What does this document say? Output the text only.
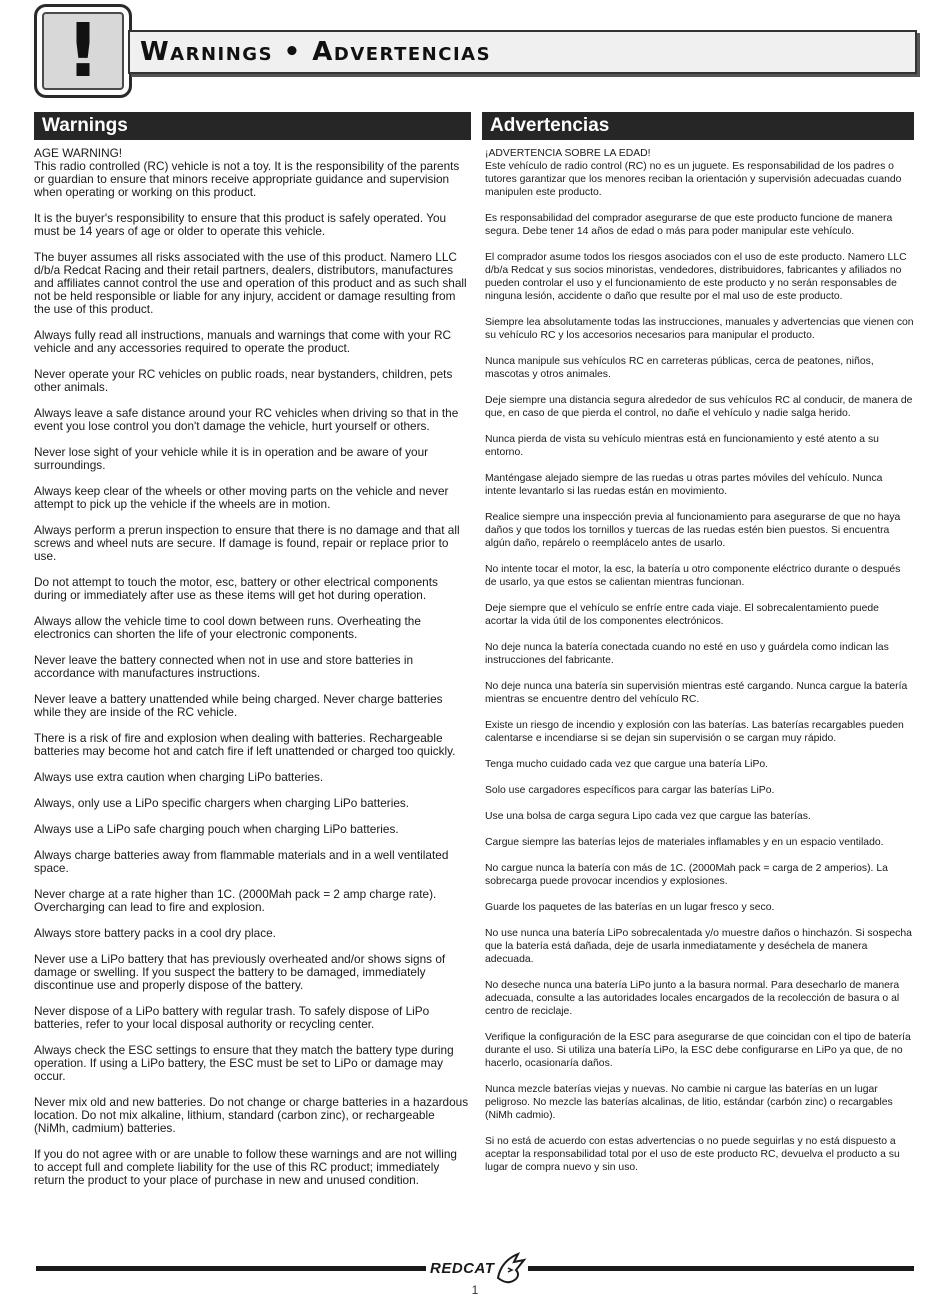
!	Warnings • Advertencias
Warnings	Advertencias

AGE WARNING!
This radio controlled (RC) vehicle is not a toy. It is the responsibility of the parents or guardian to ensure that minors receive appropriate guidance and supervision when operating or working on this product.

It is the buyer's responsibility to ensure that this product is safely operated. You must be 14 years of age or older to operate this vehicle.

The buyer assumes all risks associated with the use of this product. Namero LLC d/b/a Redcat Racing and their retail partners, dealers, distributors, manufactures and affiliates cannot control the use and operation of this product and as such shall not be held responsible or liable for any injury, accident or damage resulting from the use of this product.

Always fully read all instructions, manuals and warnings that come with your RC vehicle and any accessories required to operate the product.

Never operate your RC vehicles on public roads, near bystanders, children, pets other animals.

Always leave a safe distance around your RC vehicles when driving so that in the event you lose control you don't damage the vehicle, hurt yourself or others.

Never lose sight of your vehicle while it is in operation and be aware of your surroundings.

Always keep clear of the wheels or other moving parts on the vehicle and never attempt to pick up the vehicle if the wheels are in motion.

Always perform a prerun inspection to ensure that there is no damage and that all screws and wheel nuts are secure. If damage is found, repair or replace prior to use.

Do not attempt to touch the motor, esc, battery or other electrical components during or immediately after use as these items will get hot during operation.

Always allow the vehicle time to cool down between runs. Overheating the electronics can shorten the life of your electronic components.

Never leave the battery connected when not in use and store batteries in accordance with manufactures instructions.

Never leave a battery unattended while being charged. Never charge batteries while they are inside of the RC vehicle.

There is a risk of fire and explosion when dealing with batteries. Rechargeable batteries may become hot and catch fire if left unattended or charged too quickly.

Always use extra caution when charging LiPo batteries.

Always, only use a LiPo specific chargers when charging LiPo batteries.

Always use a LiPo safe charging pouch when charging LiPo batteries.

Always charge batteries away from flammable materials and in a well ventilated space.

Never charge at a rate higher than 1C. (2000Mah pack = 2 amp charge rate). Overcharging can lead to fire and explosion.

Always store battery packs in a cool dry place.

Never use a LiPo battery that has previously overheated and/or shows signs of damage or swelling. If you suspect the battery to be damaged, immediately discontinue use and properly dispose of the battery.

Never dispose of a LiPo battery with regular trash. To safely dispose of LiPo batteries, refer to your local disposal authority or recycling center.

Always check the ESC settings to ensure that they match the battery type during operation. If using a LiPo battery, the ESC must be set to LiPo or damage may occur.

Never mix old and new batteries. Do not change or charge batteries in a hazardous location. Do not mix alkaline, lithium, standard (carbon zinc), or rechargeable (NiMh, cadmium) batteries.

If you do not agree with or are unable to follow these warnings and are not willing to accept full and complete liability for the use of this RC product; immediately return the product to your place of purchase in new and unused condition.

¡ADVERTENCIA SOBRE LA EDAD!
Este vehículo de radio control (RC) no es un juguete. Es responsabilidad de los padres o tutores garantizar que los menores reciban la orientación y supervisión adecuadas cuando manipulen este producto.

Es responsabilidad del comprador asegurarse de que este producto funcione de manera segura. Debe tener 14 años de edad o más para poder manipular este vehículo.

El comprador asume todos los riesgos asociados con el uso de este producto. Namero LLC d/b/a Redcat y sus socios minoristas, vendedores, distribuidores, fabricantes y afiliados no pueden controlar el uso y el funcionamiento de este producto y no serán responsables de ninguna lesión, accidente o daño que resulte por el mal uso de este producto.

Siempre lea absolutamente todas las instrucciones, manuales y advertencias que vienen con su vehículo RC y los accesorios necesarios para manipular el producto.

Nunca manipule sus vehículos RC en carreteras públicas, cerca de peatones, niños, mascotas y otros animales.

Deje siempre una distancia segura alrededor de sus vehículos RC al conducir, de manera de que, en caso de que pierda el control, no dañe el vehículo y nadie salga herido.

Nunca pierda de vista su vehículo mientras está en funcionamiento y esté atento a su entorno.

Manténgase alejado siempre de las ruedas u otras partes móviles del vehículo. Nunca intente levantarlo si las ruedas están en movimiento.

Realice siempre una inspección previa al funcionamiento para asegurarse de que no haya daños y que todos los tornillos y tuercas de las ruedas estén bien puestos. Si encuentra algún daño, repárelo o reemplácelo antes de usarlo.

No intente tocar el motor, la esc, la batería u otro componente eléctrico durante o después de usarlo, ya que estos se calientan mientras funcionan.

Deje siempre que el vehículo se enfríe entre cada viaje. El sobrecalentamiento puede acortar la vida útil de los componentes electrónicos.

No deje nunca la batería conectada cuando no esté en uso y guárdela como indican las instrucciones del fabricante.

No deje nunca una batería sin supervisión mientras esté cargando. Nunca cargue la batería mientras se encuentre dentro del vehículo RC.

Existe un riesgo de incendio y explosión con las baterías. Las baterías recargables pueden calentarse e incendiarse si se dejan sin supervisión o se cargan muy rápido.

Tenga mucho cuidado cada vez que cargue una batería LiPo.

Solo use cargadores específicos para cargar las baterías LiPo.

Use una bolsa de carga segura Lipo cada vez que cargue las baterías.

Cargue siempre las baterías lejos de materiales inflamables y en un espacio ventilado.

No cargue nunca la batería con más de 1C. (2000Mah pack = carga de 2 amperios). La sobrecarga puede provocar incendios y explosiones.

Guarde los paquetes de las baterías en un lugar fresco y seco.

No use nunca una batería LiPo sobrecalentada y/o muestre daños o hinchazón. Si sospecha que la batería está dañada, deje de usarla inmediatamente y deséchela de manera adecuada.

No deseche nunca una batería LiPo junto a la basura normal. Para desecharlo de manera adecuada, consulte a las autoridades locales encargados de la recolección de basura o al centro de reciclaje.

Verifique la configuración de la ESC para asegurarse de que coincidan con el tipo de batería durante el uso. Si utiliza una batería LiPo, la ESC debe configurarse en LiPo ya que, de no hacerlo, ocasionaría daños.

Nunca mezcle baterías viejas y nuevas. No cambie ni cargue las baterías en un lugar peligroso. No mezcle las baterías alcalinas, de litio, estándar (carbón zinc) o recargables (NiMh cadmio).

Si no está de acuerdo con estas advertencias o no puede seguirlas y no está dispuesto a aceptar la responsabilidad total por el uso de este producto RC, devuelva el producto a su lugar de compra nuevo y sin uso.

REDCAT
1
